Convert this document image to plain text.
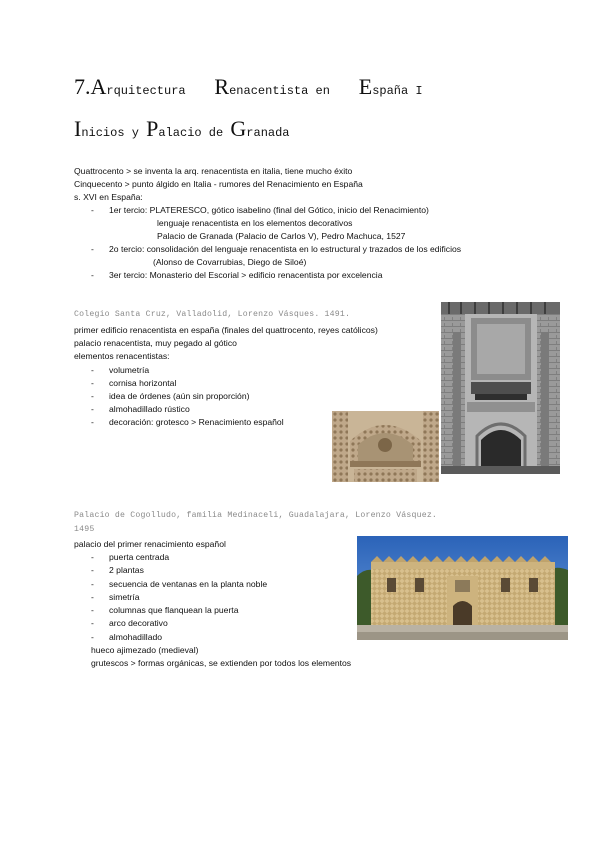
7.Arquitectura Renacentista en España I
Inicios y Palacio de Granada
Quattrocento > se inventa la arq. renacentista en italia, tiene mucho éxito
Cinquecento > punto álgido en Italia - rumores del Renacimiento en España
s. XVI en España:
- 1er tercio: PLATERESCO, gótico isabelino (final del Gótico, inicio del Renacimiento)
lenguaje renacentista en los elementos decorativos
Palacio de Granada (Palacio de Carlos V), Pedro Machuca, 1527
- 2o tercio: consolidación del lenguaje renacentista en lo estructural y trazados de los edificios
(Alonso de Covarrubias, Diego de Siloé)
- 3er tercio: Monasterio del Escorial > edificio renacentista por excelencia
Colegio Santa Cruz, Valladolid, Lorenzo Vásques. 1491.
primer edificio renacentista en españa (finales del quattrocento, reyes católicos)
palacio renacentista, muy pegado al gótico
elementos renacentistas:
- volumetría
- cornisa horizontal
- idea de órdenes (aún sin proporción)
- almohadillado rústico
- decoración: grotesco > Renacimiento español
Palacio de Cogolludo, familia Medinaceli, Guadalajara, Lorenzo Vásquez.
1495
palacio del primer renacimiento español
- puerta centrada
- 2 plantas
- secuencia de ventanas en la planta noble
- simetría
- columnas que flanquean la puerta
- arco decorativo
- almohadillado
hueco ajimezado (medieval)
grutescos > formas orgánicas, se extienden por todos los elementos
